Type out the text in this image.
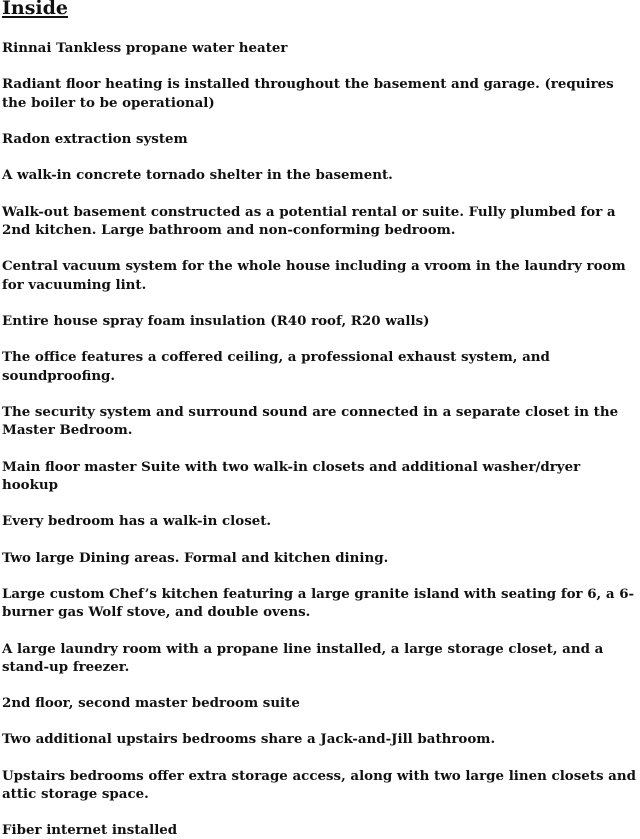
Inside
Rinnai Tankless propane water heater
Radiant floor heating is installed throughout the basement and garage. (requires the boiler to be operational)
Radon extraction system
A walk-in concrete tornado shelter in the basement.
Walk-out basement constructed as a potential rental or suite. Fully plumbed for a 2nd kitchen. Large bathroom and non-conforming bedroom.
Central vacuum system for the whole house including a vroom in the laundry room for vacuuming lint.
Entire house spray foam insulation (R40 roof, R20 walls)
The office features a coffered ceiling, a professional exhaust system, and soundproofing.
The security system and surround sound are connected in a separate closet in the Master Bedroom.
Main floor master Suite with two walk-in closets and additional washer/dryer hookup
Every bedroom has a walk-in closet.
Two large Dining areas. Formal and kitchen dining.
Large custom Chef’s kitchen featuring a large granite island with seating for 6, a 6-burner gas Wolf stove, and double ovens.
A large laundry room with a propane line installed, a large storage closet, and a stand-up freezer.
2nd floor, second master bedroom suite
Two additional upstairs bedrooms share a Jack-and-Jill bathroom.
Upstairs bedrooms offer extra storage access, along with two large linen closets and attic storage space.
Fiber internet installed
